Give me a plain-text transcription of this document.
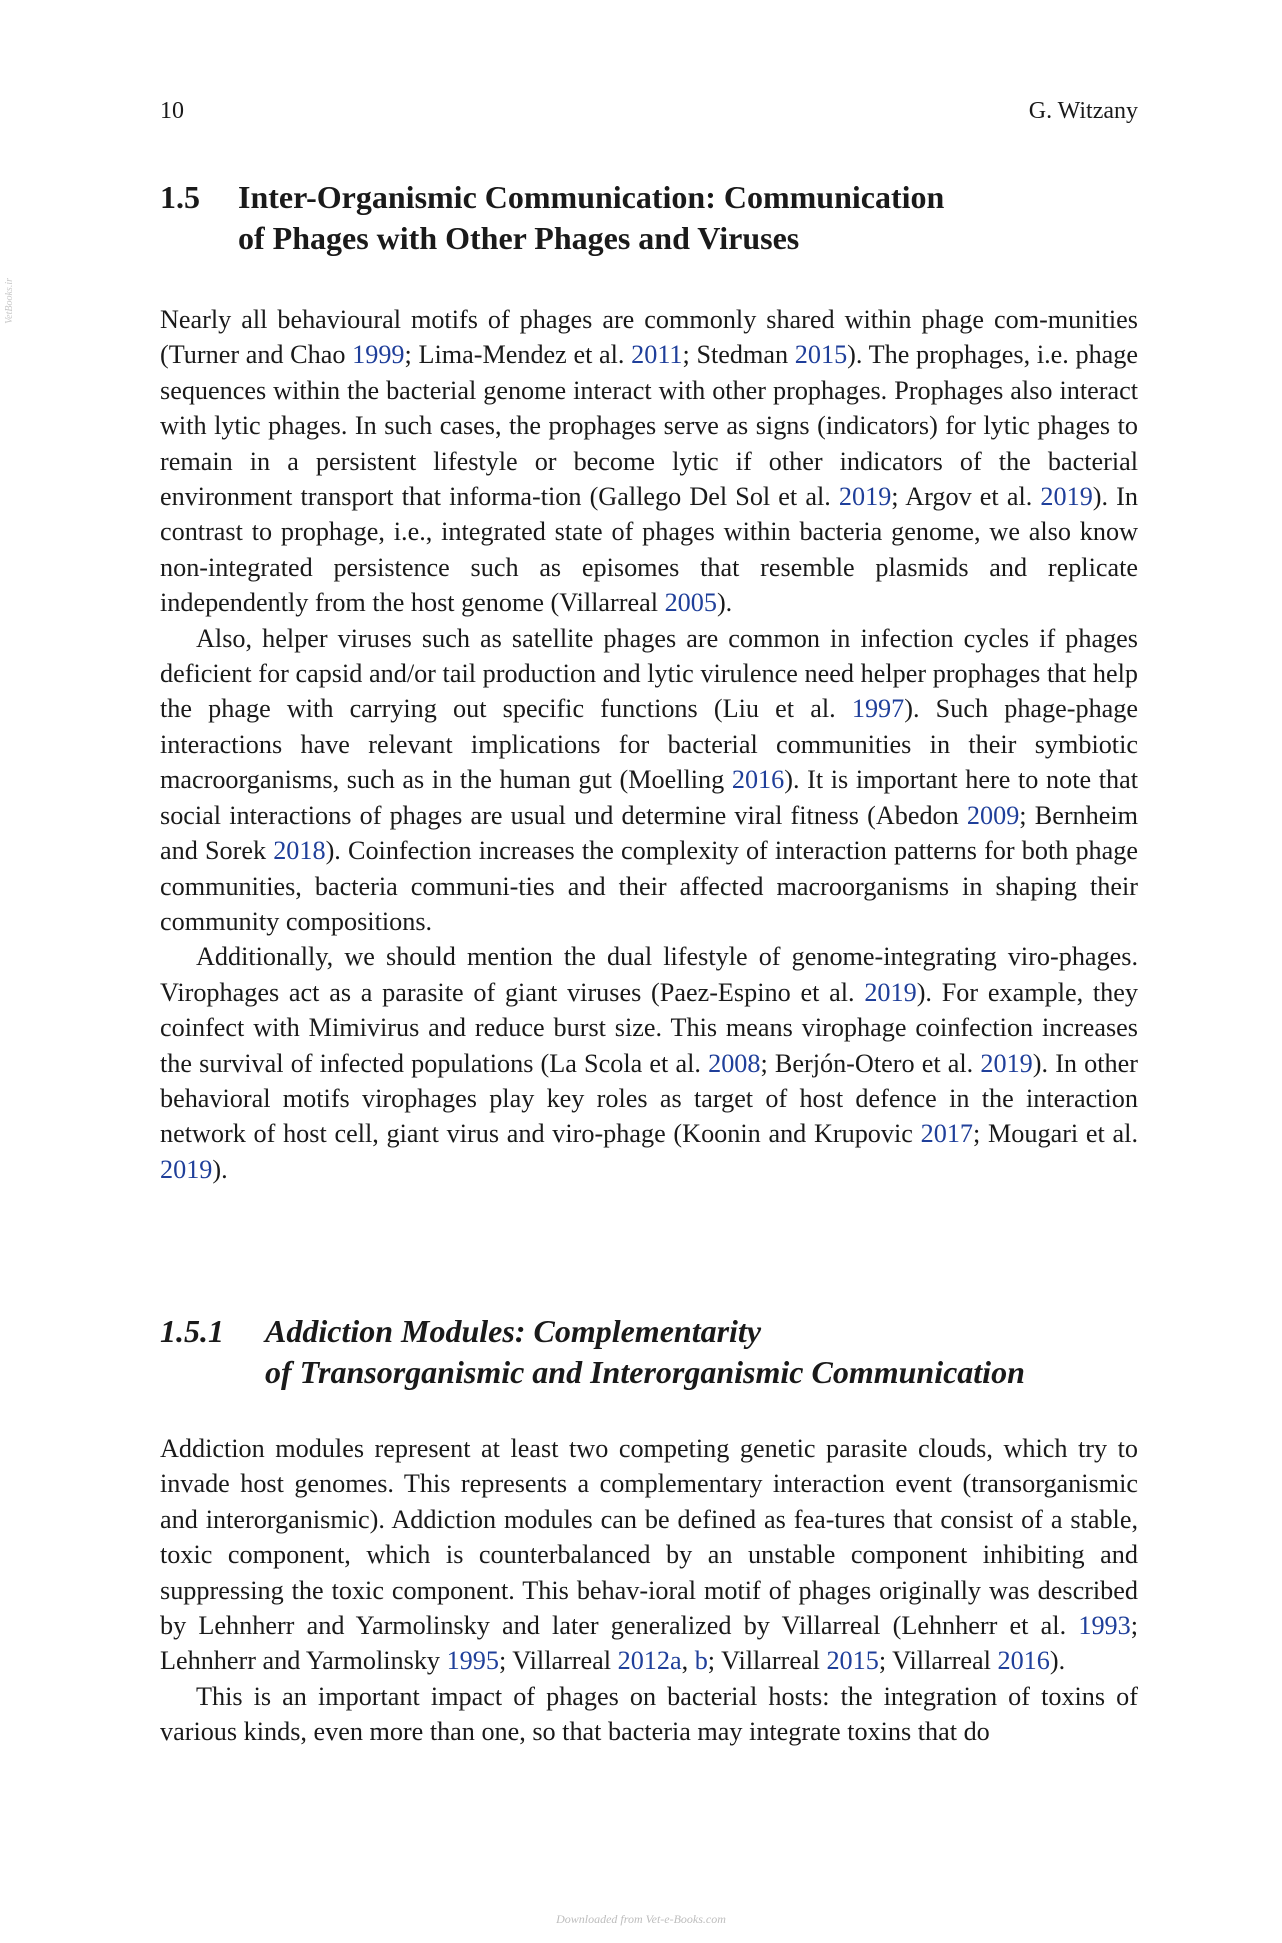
10	G. Witzany
VetBooks.ir
1.5	Inter-Organismic Communication: Communication
of Phages with Other Phages and Viruses

Nearly all behavioural motifs of phages are commonly shared within phage com-munities (Turner and Chao 1999; Lima-Mendez et al. 2011; Stedman 2015). The prophages, i.e. phage sequences within the bacterial genome interact with other prophages. Prophages also interact with lytic phages. In such cases, the prophages serve as signs (indicators) for lytic phages to remain in a persistent lifestyle or become lytic if other indicators of the bacterial environment transport that informa-tion (Gallego Del Sol et al. 2019; Argov et al. 2019). In contrast to prophage, i.e., integrated state of phages within bacteria genome, we also know non-integrated persistence such as episomes that resemble plasmids and replicate independently from the host genome (Villarreal 2005).

Also, helper viruses such as satellite phages are common in infection cycles if phages deficient for capsid and/or tail production and lytic virulence need helper prophages that help the phage with carrying out specific functions (Liu et al. 1997). Such phage-phage interactions have relevant implications for bacterial communities in their symbiotic macroorganisms, such as in the human gut (Moelling 2016). It is important here to note that social interactions of phages are usual und determine viral fitness (Abedon 2009; Bernheim and Sorek 2018). Coinfection increases the complexity of interaction patterns for both phage communities, bacteria communi-ties and their affected macroorganisms in shaping their community compositions.

Additionally, we should mention the dual lifestyle of genome-integrating viro-phages. Virophages act as a parasite of giant viruses (Paez-Espino et al. 2019). For example, they coinfect with Mimivirus and reduce burst size. This means virophage coinfection increases the survival of infected populations (La Scola et al. 2008; Berjón-Otero et al. 2019). In other behavioral motifs virophages play key roles as target of host defence in the interaction network of host cell, giant virus and viro-phage (Koonin and Krupovic 2017; Mougari et al. 2019).

1.5.1	Addiction Modules: Complementarity
of Transorganismic and Interorganismic Communication

Addiction modules represent at least two competing genetic parasite clouds, which try to invade host genomes. This represents a complementary interaction event (transorganismic and interorganismic). Addiction modules can be defined as fea-tures that consist of a stable, toxic component, which is counterbalanced by an unstable component inhibiting and suppressing the toxic component. This behav-ioral motif of phages originally was described by Lehnherr and Yarmolinsky and later generalized by Villarreal (Lehnherr et al. 1993; Lehnherr and Yarmolinsky 1995; Villarreal 2012a, b; Villarreal 2015; Villarreal 2016).

This is an important impact of phages on bacterial hosts: the integration of toxins of various kinds, even more than one, so that bacteria may integrate toxins that do

Downloaded from Vet-e-Books.com
